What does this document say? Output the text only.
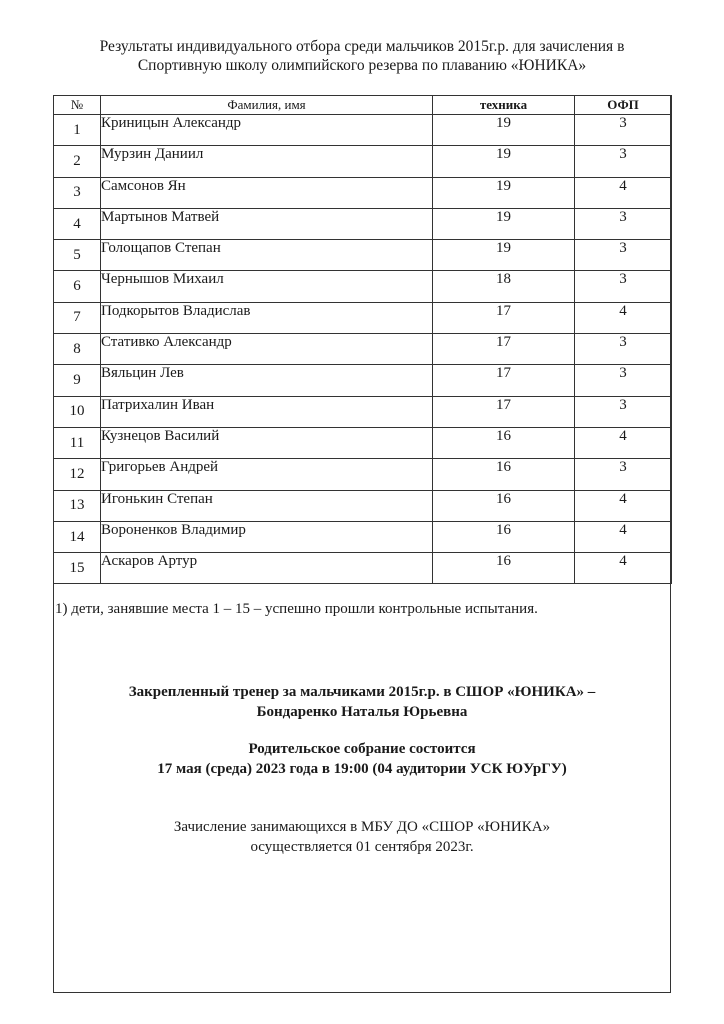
Результаты индивидуального отбора среди мальчиков 2015г.р. для зачисления в
Спортивную школу олимпийского резерва по плаванию «ЮНИКА»
№	Фамилия, имя	техника	ОФП
1	Криницын Александр	19	3
2	Мурзин Даниил	19	3
3	Самсонов Ян	19	4
4	Мартынов Матвей	19	3
5	Голощапов Степан	19	3
6	Чернышов Михаил	18	3
7	Подкорытов Владислав	17	4
8	Стативко Александр	17	3
9	Вяльцин Лев	17	3
10	Патрихалин Иван	17	3
11	Кузнецов Василий	16	4
12	Григорьев Андрей	16	3
13	Игонькин Степан	16	4
14	Вороненков Владимир	16	4
15	Аскаров Артур	16	4
1) дети, занявшие места 1 – 15 – успешно прошли контрольные испытания.
Закрепленный тренер за мальчиками 2015г.р. в СШОР «ЮНИКА» –
Бондаренко Наталья Юрьевна
Родительское собрание состоится
17 мая (среда) 2023 года в 19:00 (04 аудитории УСК ЮУрГУ)
Зачисление занимающихся в МБУ ДО «СШОР «ЮНИКА»
осуществляется 01 сентября 2023г.
